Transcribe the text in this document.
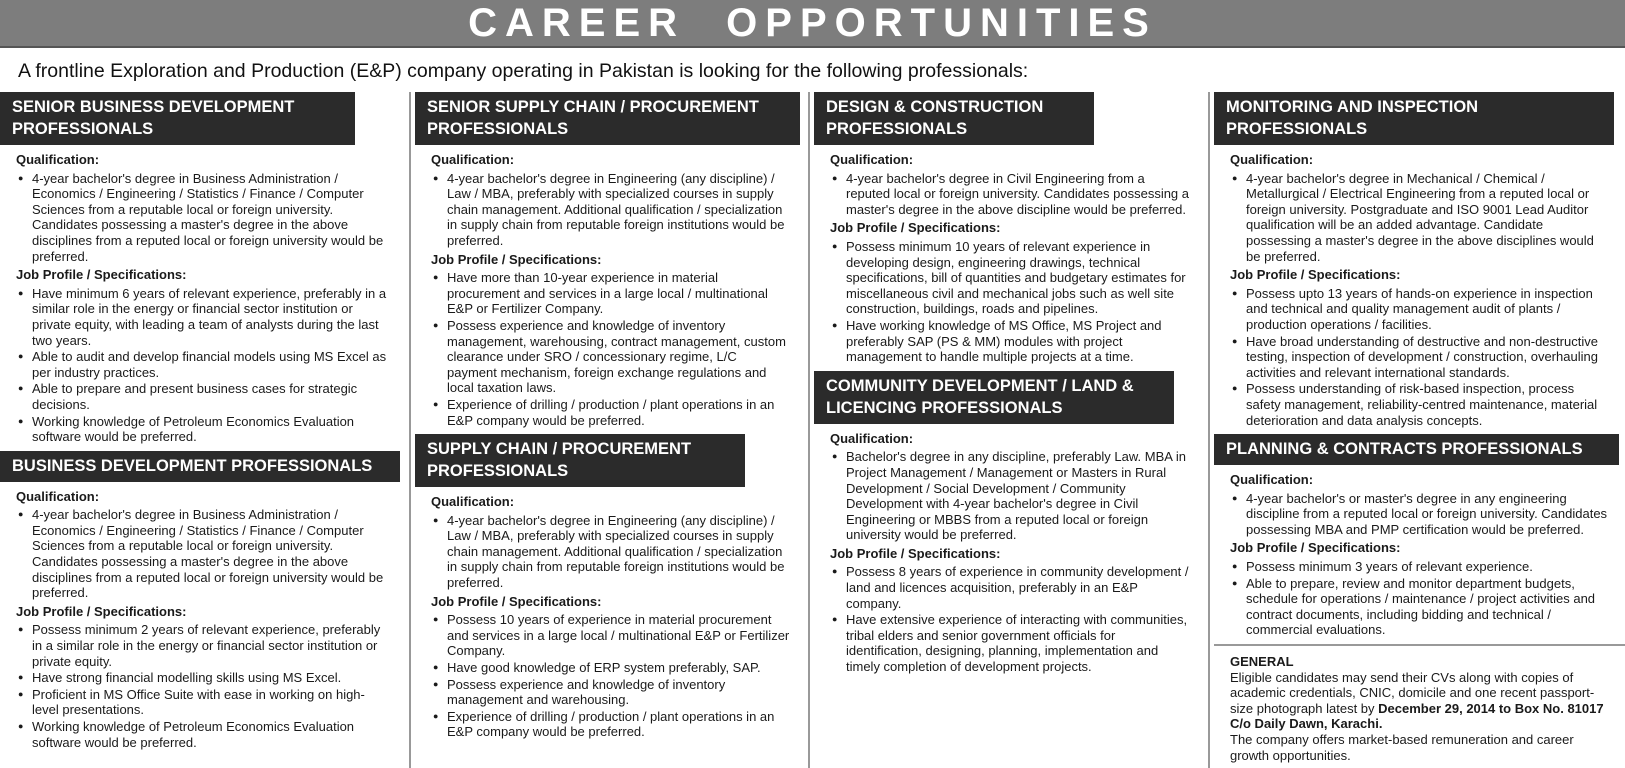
CAREER OPPORTUNITIES
A frontline Exploration and Production (E&P) company operating in Pakistan is looking for the following professionals:
SENIOR BUSINESS DEVELOPMENT
PROFESSIONALS
Qualification:
● 4-year bachelor's degree in Business Administration / Economics / Engineering / Statistics / Finance / Computer Sciences from a reputable local or foreign university. Candidates possessing a master's degree in the above disciplines from a reputed local or foreign university would be preferred.
Job Profile / Specifications:
● Have minimum 6 years of relevant experience, preferably in a similar role in the energy or financial sector institution or private equity, with leading a team of analysts during the last two years.
● Able to audit and develop financial models using MS Excel as per industry practices.
● Able to prepare and present business cases for strategic decisions.
● Working knowledge of Petroleum Economics Evaluation software would be preferred.
BUSINESS DEVELOPMENT PROFESSIONALS
Qualification:
● 4-year bachelor's degree in Business Administration / Economics / Engineering / Statistics / Finance / Computer Sciences from a reputable local or foreign university. Candidates possessing a master's degree in the above disciplines from a reputed local or foreign university would be preferred.
Job Profile / Specifications:
● Possess minimum 2 years of relevant experience, preferably in a similar role in the energy or financial sector institution or private equity.
● Have strong financial modelling skills using MS Excel.
● Proficient in MS Office Suite with ease in working on high-level presentations.
● Working knowledge of Petroleum Economics Evaluation software would be preferred.
SENIOR SUPPLY CHAIN / PROCUREMENT
PROFESSIONALS
Qualification:
● 4-year bachelor's degree in Engineering (any discipline) / Law / MBA, preferably with specialized courses in supply chain management. Additional qualification / specialization in supply chain from reputable foreign institutions would be preferred.
Job Profile / Specifications:
● Have more than 10-year experience in material procurement and services in a large local / multinational E&P or Fertilizer Company.
● Possess experience and knowledge of inventory management, warehousing, contract management, custom clearance under SRO / concessionary regime, L/C payment mechanism, foreign exchange regulations and local taxation laws.
● Experience of drilling / production / plant operations in an E&P company would be preferred.
SUPPLY CHAIN / PROCUREMENT
PROFESSIONALS
Qualification:
● 4-year bachelor's degree in Engineering (any discipline) / Law / MBA, preferably with specialized courses in supply chain management. Additional qualification / specialization in supply chain from reputable foreign institutions would be preferred.
Job Profile / Specifications:
● Possess 10 years of experience in material procurement and services in a large local / multinational E&P or Fertilizer Company.
● Have good knowledge of ERP system preferably, SAP.
● Possess experience and knowledge of inventory management and warehousing.
● Experience of drilling / production / plant operations in an E&P company would be preferred.
DESIGN & CONSTRUCTION
PROFESSIONALS
Qualification:
● 4-year bachelor's degree in Civil Engineering from a reputed local or foreign university. Candidates possessing a master's degree in the above discipline would be preferred.
Job Profile / Specifications:
● Possess minimum 10 years of relevant experience in developing design, engineering drawings, technical specifications, bill of quantities and budgetary estimates for miscellaneous civil and mechanical jobs such as well site construction, buildings, roads and pipelines.
● Have working knowledge of MS Office, MS Project and preferably SAP (PS & MM) modules with project management to handle multiple projects at a time.
COMMUNITY DEVELOPMENT / LAND &
LICENCING PROFESSIONALS
Qualification:
● Bachelor's degree in any discipline, preferably Law. MBA in Project Management / Management or Masters in Rural Development / Social Development / Community Development with 4-year bachelor's degree in Civil Engineering or MBBS from a reputed local or foreign university would be preferred.
Job Profile / Specifications:
● Possess 8 years of experience in community development / land and licences acquisition, preferably in an E&P company.
● Have extensive experience of interacting with communities, tribal elders and senior government officials for identification, designing, planning, implementation and timely completion of development projects.
MONITORING AND INSPECTION
PROFESSIONALS
Qualification:
● 4-year bachelor's degree in Mechanical / Chemical / Metallurgical / Electrical Engineering from a reputed local or foreign university. Postgraduate and ISO 9001 Lead Auditor qualification will be an added advantage. Candidate possessing a master's degree in the above disciplines would be preferred.
Job Profile / Specifications:
● Possess upto 13 years of hands-on experience in inspection and technical and quality management audit of plants / production operations / facilities.
● Have broad understanding of destructive and non-destructive testing, inspection of development / construction, overhauling activities and relevant international standards.
● Possess understanding of risk-based inspection, process safety management, reliability-centred maintenance, material deterioration and data analysis concepts.
PLANNING & CONTRACTS PROFESSIONALS
Qualification:
● 4-year bachelor's or master's degree in any engineering discipline from a reputed local or foreign university. Candidates possessing MBA and PMP certification would be preferred.
Job Profile / Specifications:
● Possess minimum 3 years of relevant experience.
● Able to prepare, review and monitor department budgets, schedule for operations / maintenance / project activities and contract documents, including bidding and technical / commercial evaluations.
GENERAL

Eligible candidates may send their CVs along with copies of academic credentials, CNIC, domicile and one recent passport-size photograph latest by December 29, 2014 to Box No. 81017 C/o Daily Dawn, Karachi.

The company offers market-based remuneration and career growth opportunities.
